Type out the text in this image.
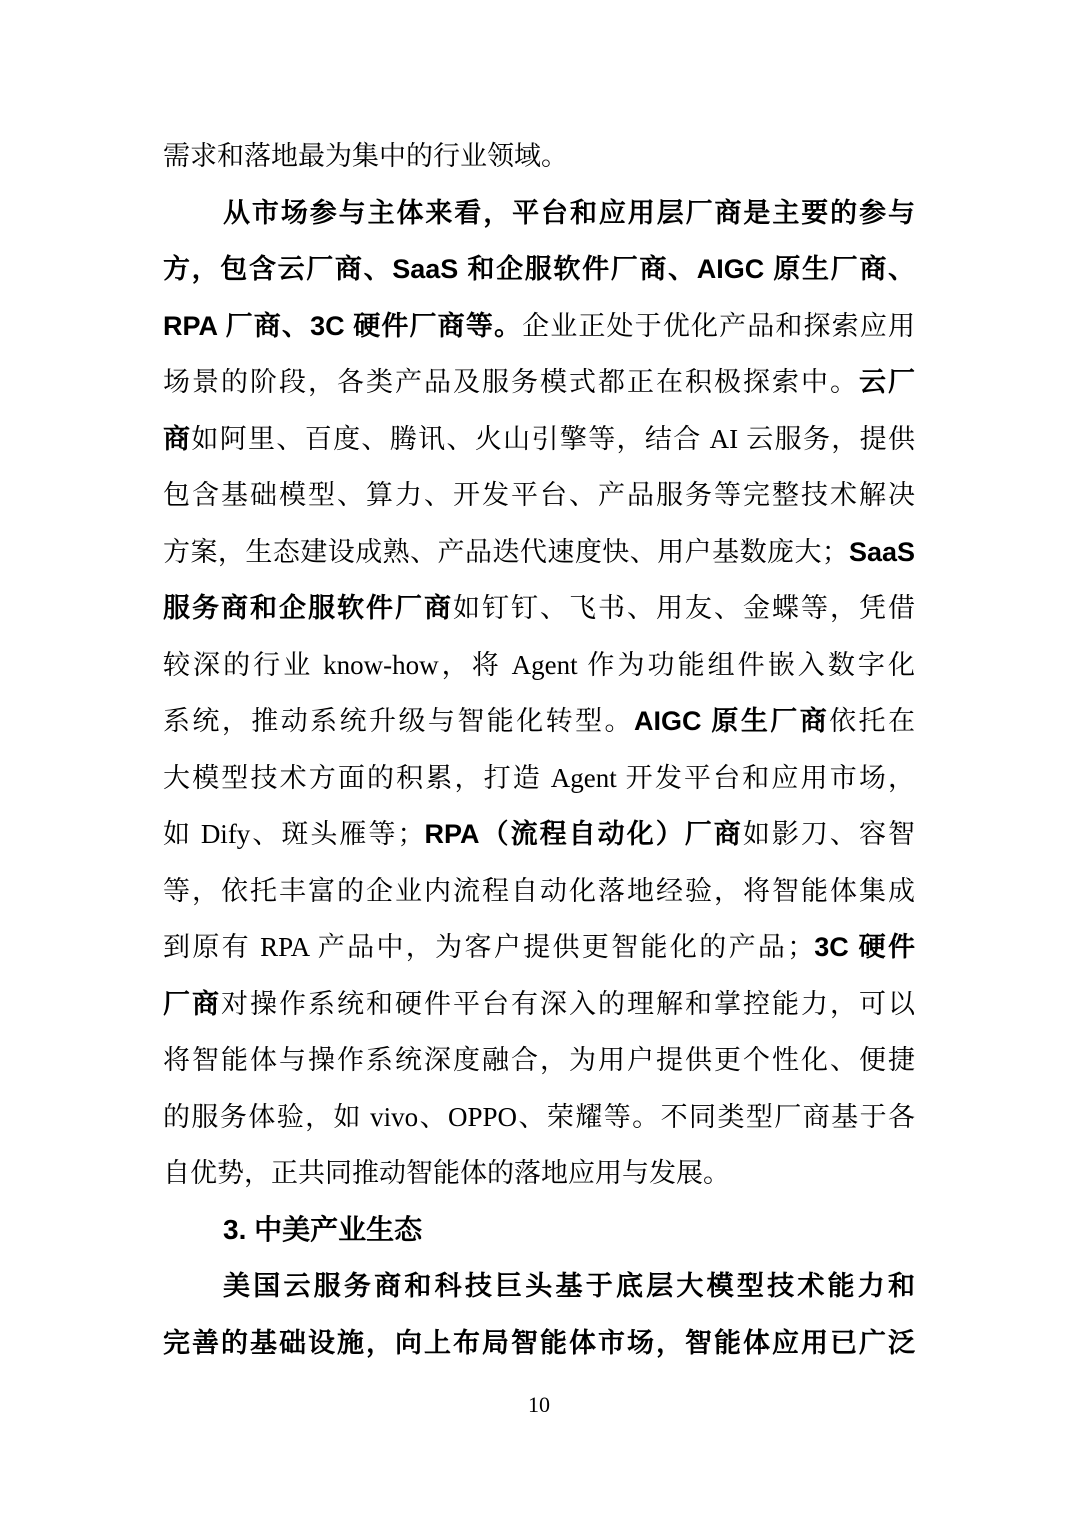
需求和落地最为集中的行业领域。
从市场参与主体来看，平台和应用层厂商是主要的参与
方，包含云厂商、SaaS 和企服软件厂商、AIGC 原生厂商、
RPA 厂商、3C 硬件厂商等。企业正处于优化产品和探索应用
场景的阶段，各类产品及服务模式都正在积极探索中。云厂
商如阿里、百度、腾讯、火山引擎等，结合 AI 云服务，提供
包含基础模型、算力、开发平台、产品服务等完整技术解决
方案，生态建设成熟、产品迭代速度快、用户基数庞大；SaaS
服务商和企服软件厂商如钉钉、飞书、用友、金蝶等，凭借
较深的行业 know-how，将 Agent 作为功能组件嵌入数字化
系统，推动系统升级与智能化转型。AIGC 原生厂商依托在
大模型技术方面的积累，打造 Agent 开发平台和应用市场，
如 Dify、斑头雁等；RPA（流程自动化）厂商如影刀、容智
等，依托丰富的企业内流程自动化落地经验，将智能体集成
到原有 RPA 产品中，为客户提供更智能化的产品；3C 硬件
厂商对操作系统和硬件平台有深入的理解和掌控能力，可以
将智能体与操作系统深度融合，为用户提供更个性化、便捷
的服务体验，如 vivo、OPPO、荣耀等。不同类型厂商基于各
自优势，正共同推动智能体的落地应用与发展。
3. 中美产业生态
美国云服务商和科技巨头基于底层大模型技术能力和
完善的基础设施，向上布局智能体市场，智能体应用已广泛
10
